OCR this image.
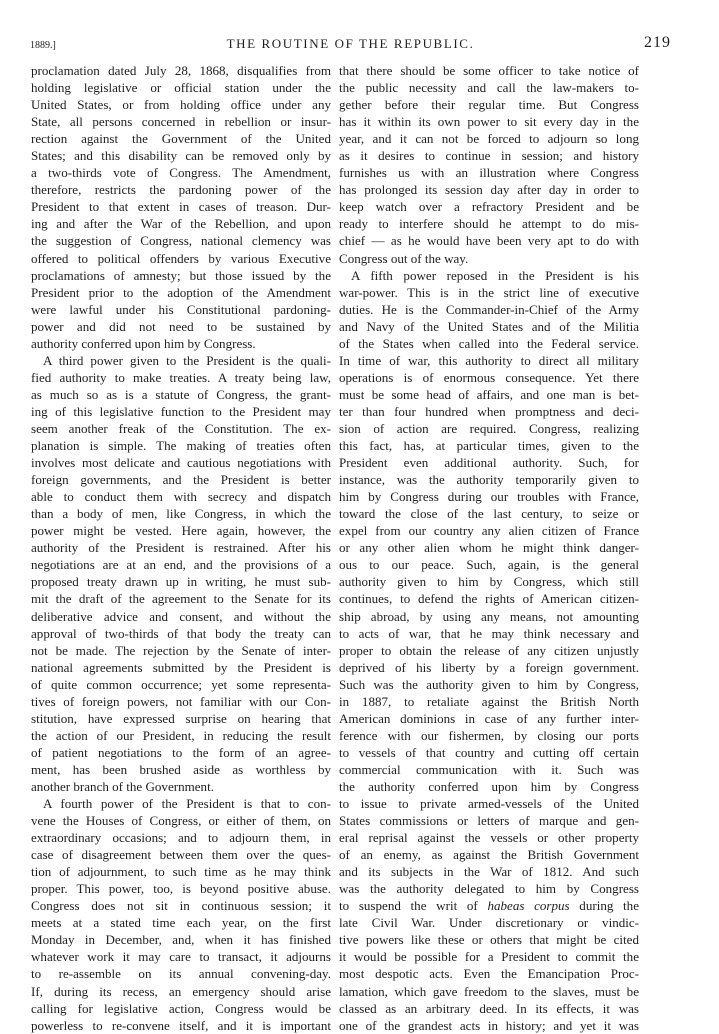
1889.]	THE ROUTINE OF THE REPUBLIC.	219
proclamation dated July 28, 1868, disqualifies from
holding legislative or official station under the
United States, or from holding office under any
State, all persons concerned in rebellion or insur-
rection against the Government of the United
States; and this disability can be removed only by
a two-thirds vote of Congress. The Amendment,
therefore, restricts the pardoning power of the
President to that extent in cases of treason. Dur-
ing and after the War of the Rebellion, and upon
the suggestion of Congress, national clemency was
offered to political offenders by various Executive
proclamations of amnesty; but those issued by the
President prior to the adoption of the Amendment
were lawful under his Constitutional pardoning-
power and did not need to be sustained by
authority conferred upon him by Congress.
A third power given to the President is the quali-
fied authority to make treaties. A treaty being law,
as much so as is a statute of Congress, the grant-
ing of this legislative function to the President may
seem another freak of the Constitution. The ex-
planation is simple. The making of treaties often
involves most delicate and cautious negotiations with
foreign governments, and the President is better
able to conduct them with secrecy and dispatch
than a body of men, like Congress, in which the
power might be vested. Here again, however, the
authority of the President is restrained. After his
negotiations are at an end, and the provisions of a
proposed treaty drawn up in writing, he must sub-
mit the draft of the agreement to the Senate for its
deliberative advice and consent, and without the
approval of two-thirds of that body the treaty can
not be made. The rejection by the Senate of inter-
national agreements submitted by the President is
of quite common occurrence; yet some representa-
tives of foreign powers, not familiar with our Con-
stitution, have expressed surprise on hearing that
the action of our President, in reducing the result
of patient negotiations to the form of an agree-
ment, has been brushed aside as worthless by
another branch of the Government.
A fourth power of the President is that to con-
vene the Houses of Congress, or either of them, on
extraordinary occasions; and to adjourn them, in
case of disagreement between them over the ques-
tion of adjournment, to such time as he may think
proper. This power, too, is beyond positive abuse.
Congress does not sit in continuous session; it
meets at a stated time each year, on the first
Monday in December, and, when it has finished
whatever work it may care to transact, it adjourns
to re-assemble on its annual convening-day.
If, during its recess, an emergency should arise
calling for legislative action, Congress would be
powerless to re-convene itself, and it is important
that there should be some officer to take notice of
the public necessity and call the law-makers to-
gether before their regular time. But Congress
has it within its own power to sit every day in the
year, and it can not be forced to adjourn so long
as it desires to continue in session; and history
furnishes us with an illustration where Congress
has prolonged its session day after day in order to
keep watch over a refractory President and be
ready to interfere should he attempt to do mis-
chief — as he would have been very apt to do with
Congress out of the way.
A fifth power reposed in the President is his
war-power. This is in the strict line of executive
duties. He is the Commander-in-Chief of the Army
and Navy of the United States and of the Militia
of the States when called into the Federal service.
In time of war, this authority to direct all military
operations is of enormous consequence. Yet there
must be some head of affairs, and one man is bet-
ter than four hundred when promptness and deci-
sion of action are required. Congress, realizing
this fact, has, at particular times, given to the
President even additional authority. Such, for
instance, was the authority temporarily given to
him by Congress during our troubles with France,
toward the close of the last century, to seize or
expel from our country any alien citizen of France
or any other alien whom he might think danger-
ous to our peace. Such, again, is the general
authority given to him by Congress, which still
continues, to defend the rights of American citizen-
ship abroad, by using any means, not amounting
to acts of war, that he may think necessary and
proper to obtain the release of any citizen unjustly
deprived of his liberty by a foreign government.
Such was the authority given to him by Congress,
in 1887, to retaliate against the British North
American dominions in case of any further inter-
ference with our fishermen, by closing our ports
to vessels of that country and cutting off certain
commercial communication with it. Such was
the authority conferred upon him by Congress
to issue to private armed-vessels of the United
States commissions or letters of marque and gen-
eral reprisal against the vessels or other property
of an enemy, as against the British Government
and its subjects in the War of 1812. And such
was the authority delegated to him by Congress
to suspend the writ of habeas corpus during the
late Civil War. Under discretionary or vindic-
tive powers like these or others that might be cited
it would be possible for a President to commit the
most despotic acts. Even the Emancipation Proc-
lamation, which gave freedom to the slaves, must be
classed as an arbitrary deed. In its effects, it was
one of the grandest acts in history; and yet it was
